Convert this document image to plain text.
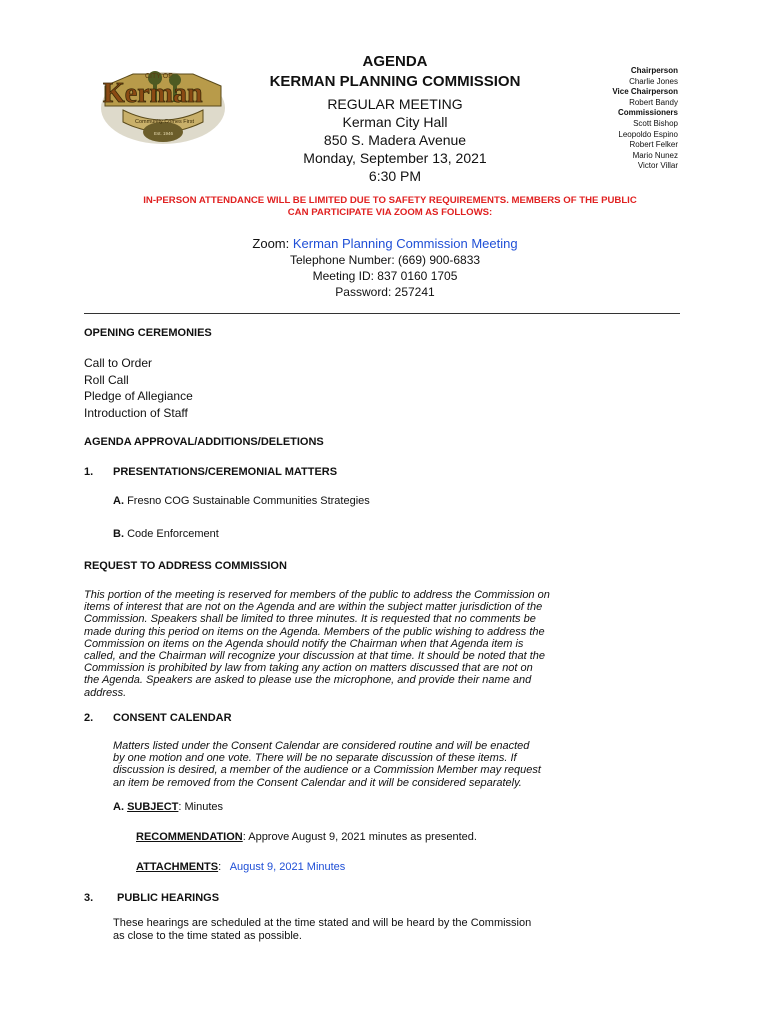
CITY OF
Kerman
Community Comes First
Est. 1946
AGENDA
KERMAN PLANNING COMMISSION
REGULAR MEETING
Kerman City Hall
850 S. Madera Avenue
Monday, September 13, 2021
6:30 PM
Chairperson
Charlie Jones
Vice Chairperson
Robert Bandy
Commissioners
Scott Bishop
Leopoldo Espino
Robert Felker
Mario Nunez
Victor Villar
IN-PERSON ATTENDANCE WILL BE LIMITED DUE TO SAFETY REQUIREMENTS. MEMBERS OF THE PUBLIC
CAN PARTICIPATE VIA ZOOM AS FOLLOWS:
Zoom: Kerman Planning Commission Meeting
Telephone Number: (669) 900-6833
Meeting ID: 837 0160 1705
Password: 257241
OPENING CEREMONIES
Call to Order
Roll Call
Pledge of Allegiance
Introduction of Staff
AGENDA APPROVAL/ADDITIONS/DELETIONS
1. PRESENTATIONS/CEREMONIAL MATTERS
A. Fresno COG Sustainable Communities Strategies
B. Code Enforcement
REQUEST TO ADDRESS COMMISSION
This portion of the meeting is reserved for members of the public to address the Commission on
items of interest that are not on the Agenda and are within the subject matter jurisdiction of the
Commission. Speakers shall be limited to three minutes. It is requested that no comments be
made during this period on items on the Agenda. Members of the public wishing to address the
Commission on items on the Agenda should notify the Chairman when that Agenda item is
called, and the Chairman will recognize your discussion at that time. It should be noted that the
Commission is prohibited by law from taking any action on matters discussed that are not on
the Agenda. Speakers are asked to please use the microphone, and provide their name and
address.
2. CONSENT CALENDAR
Matters listed under the Consent Calendar are considered routine and will be enacted
by one motion and one vote. There will be no separate discussion of these items. If
discussion is desired, a member of the audience or a Commission Member may request
an item be removed from the Consent Calendar and it will be considered separately.
A. SUBJECT: Minutes
RECOMMENDATION: Approve August 9, 2021 minutes as presented.
ATTACHMENTS: August 9, 2021 Minutes
3. PUBLIC HEARINGS
These hearings are scheduled at the time stated and will be heard by the Commission
as close to the time stated as possible.
